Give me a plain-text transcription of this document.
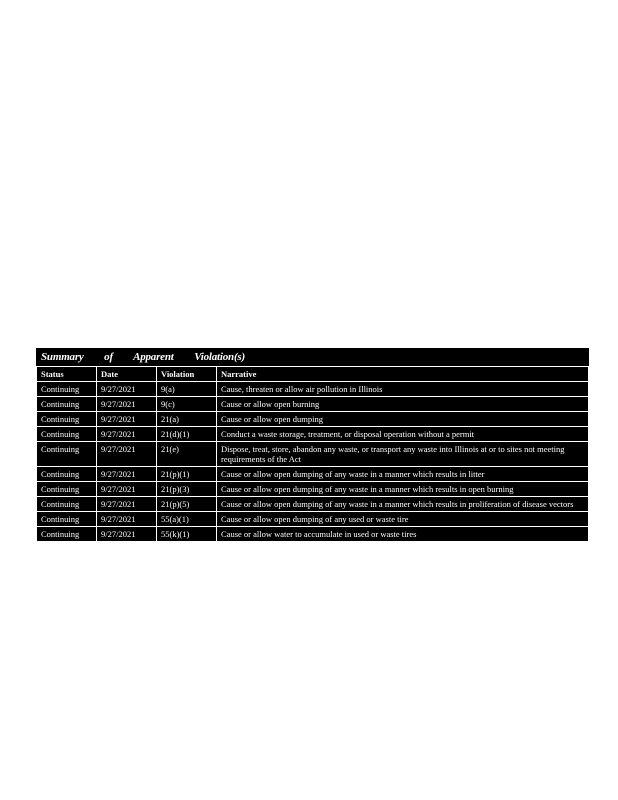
Summary of Apparent Violation(s)			
Status	Date	Violation	Narrative
Continuing	9/27/2021	9(a)	Cause, threaten or allow air pollution in Illinois
Continuing	9/27/2021	9(c)	Cause or allow open burning
Continuing	9/27/2021	21(a)	Cause or allow open dumping
Continuing	9/27/2021	21(d)(1)	Conduct a waste storage, treatment, or disposal operation without a permit
Continuing	9/27/2021	21(e)	Dispose, treat, store, abandon any waste, or transport any waste into Illinois at or to sites not meeting requirements of the Act
Continuing	9/27/2021	21(p)(1)	Cause or allow open dumping of any waste in a manner which results in litter
Continuing	9/27/2021	21(p)(3)	Cause or allow open dumping of any waste in a manner which results in open burning
Continuing	9/27/2021	21(p)(5)	Cause or allow open dumping of any waste in a manner which results in proliferation of disease vectors
Continuing	9/27/2021	55(a)(1)	Cause or allow open dumping of any used or waste tire
Continuing	9/27/2021	55(k)(1)	Cause or allow water to accumulate in used or waste tires
